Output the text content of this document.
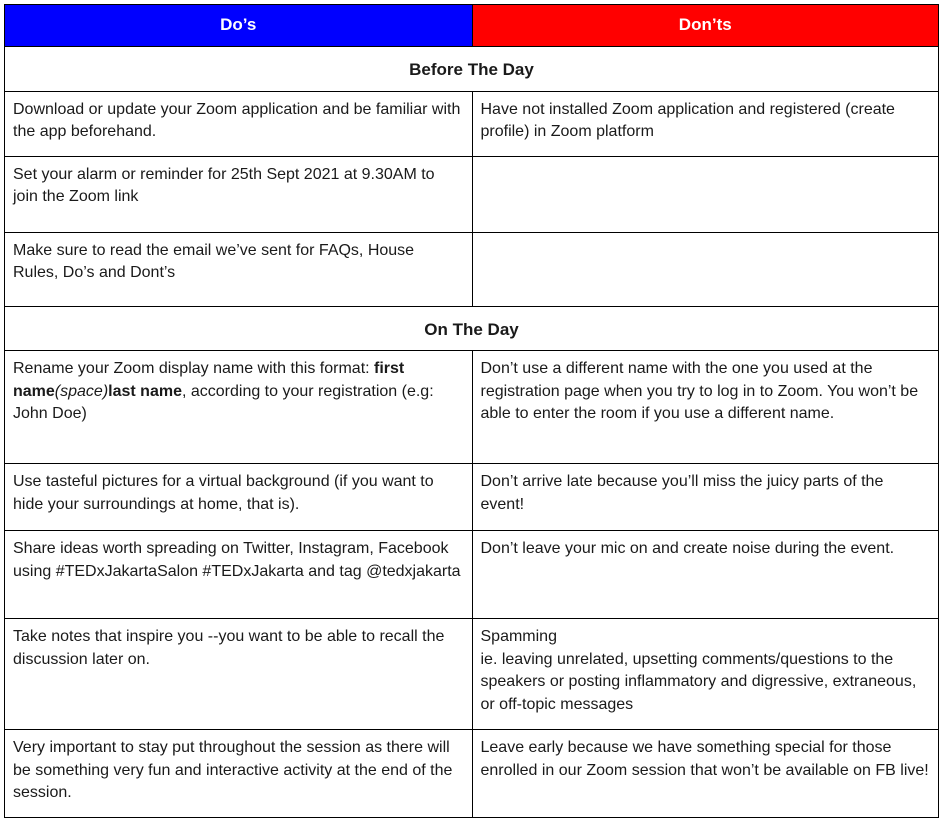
Do’s	Don’ts
Before The Day	
Download or update your Zoom application and be familiar with the app beforehand.	Have not installed Zoom application and registered (create profile) in Zoom platform
Set your alarm or reminder for 25th Sept 2021 at 9.30AM to join the Zoom link	
Make sure to read the email we’ve sent for FAQs, House Rules, Do’s and Dont’s	
On The Day	
Rename your Zoom display name with this format: first name(space)last name, according to your registration (e.g: John Doe)	Don’t use a different name with the one you used at the registration page when you try to log in to Zoom. You won’t be able to enter the room if you use a different name.
Use tasteful pictures for a virtual background (if you want to hide your surroundings at home, that is).	Don’t arrive late because you’ll miss the juicy parts of the event!
Share ideas worth spreading on Twitter, Instagram, Facebook using #TEDxJakartaSalon #TEDxJakarta and tag @tedxjakarta	Don’t leave your mic on and create noise during the event.
Take notes that inspire you --you want to be able to recall the discussion later on.	Spamming
ie. leaving unrelated, upsetting comments/questions to the speakers or posting inflammatory and digressive, extraneous, or off-topic messages

Very important to stay put throughout the session as there will be something very fun and interactive activity at the end of the session.	Leave early because we have something special for those enrolled in our Zoom session that won’t be available on FB live!
